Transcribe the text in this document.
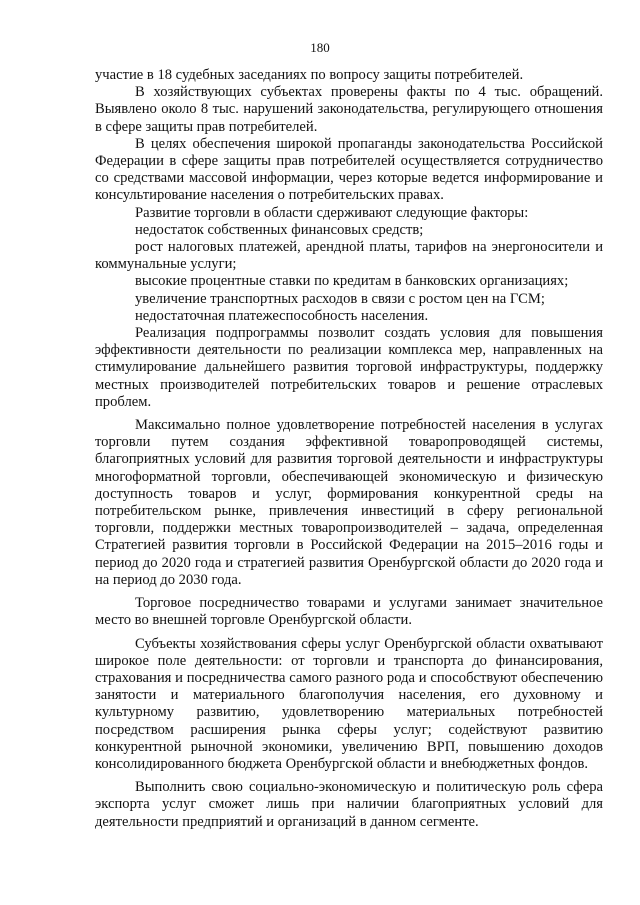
180

участие в 18 судебных заседаниях по вопросу защиты потребителей.

В хозяйствующих субъектах проверены факты по 4 тыс. обращений. Выявлено около 8 тыс. нарушений законодательства, регулирующего отношения в сфере защиты прав потребителей.

В целях обеспечения широкой пропаганды законодательства Российской Федерации в сфере защиты прав потребителей осуществляется сотрудничество со средствами массовой информации, через которые ведется информирование и консультирование населения о потребительских правах.

Развитие торговли в области сдерживают следующие факторы:

недостаток собственных финансовых средств;

рост налоговых платежей, арендной платы, тарифов на энергоносители и коммунальные услуги;

высокие процентные ставки по кредитам в банковских организациях;

увеличение транспортных расходов в связи с ростом цен на ГСМ;

недостаточная платежеспособность населения.

Реализация подпрограммы позволит создать условия для повышения эффективности деятельности по реализации комплекса мер, направленных на стимулирование дальнейшего развития торговой инфраструктуры, поддержку местных производителей потребительских товаров и решение отраслевых проблем.

Максимально полное удовлетворение потребностей населения в услугах торговли путем создания эффективной товаропроводящей системы, благоприятных условий для развития торговой деятельности и инфраструктуры многоформатной торговли, обеспечивающей экономическую и физическую доступность товаров и услуг, формирования конкурентной среды на потребительском рынке, привлечения инвестиций в сферу региональной торговли, поддержки местных товаропроизводителей – задача, определенная Стратегией развития торговли в Российской Федерации на 2015–2016 годы и период до 2020 года и стратегией развития Оренбургской области до 2020 года и на период до 2030 года.

Торговое посредничество товарами и услугами занимает значительное место во внешней торговле Оренбургской области.

Субъекты хозяйствования сферы услуг Оренбургской области охватывают широкое поле деятельности: от торговли и транспорта до финансирования, страхования и посредничества самого разного рода и способствуют обеспечению занятости и материального благополучия населения, его духовному и культурному развитию, удовлетворению материальных потребностей посредством расширения рынка сферы услуг; содействуют развитию конкурентной рыночной экономики, увеличению ВРП, повышению доходов консолидированного бюджета Оренбургской области и внебюджетных фондов.

Выполнить свою социально-экономическую и политическую роль сфера экспорта услуг сможет лишь при наличии благоприятных условий для деятельности предприятий и организаций в данном сегменте.
